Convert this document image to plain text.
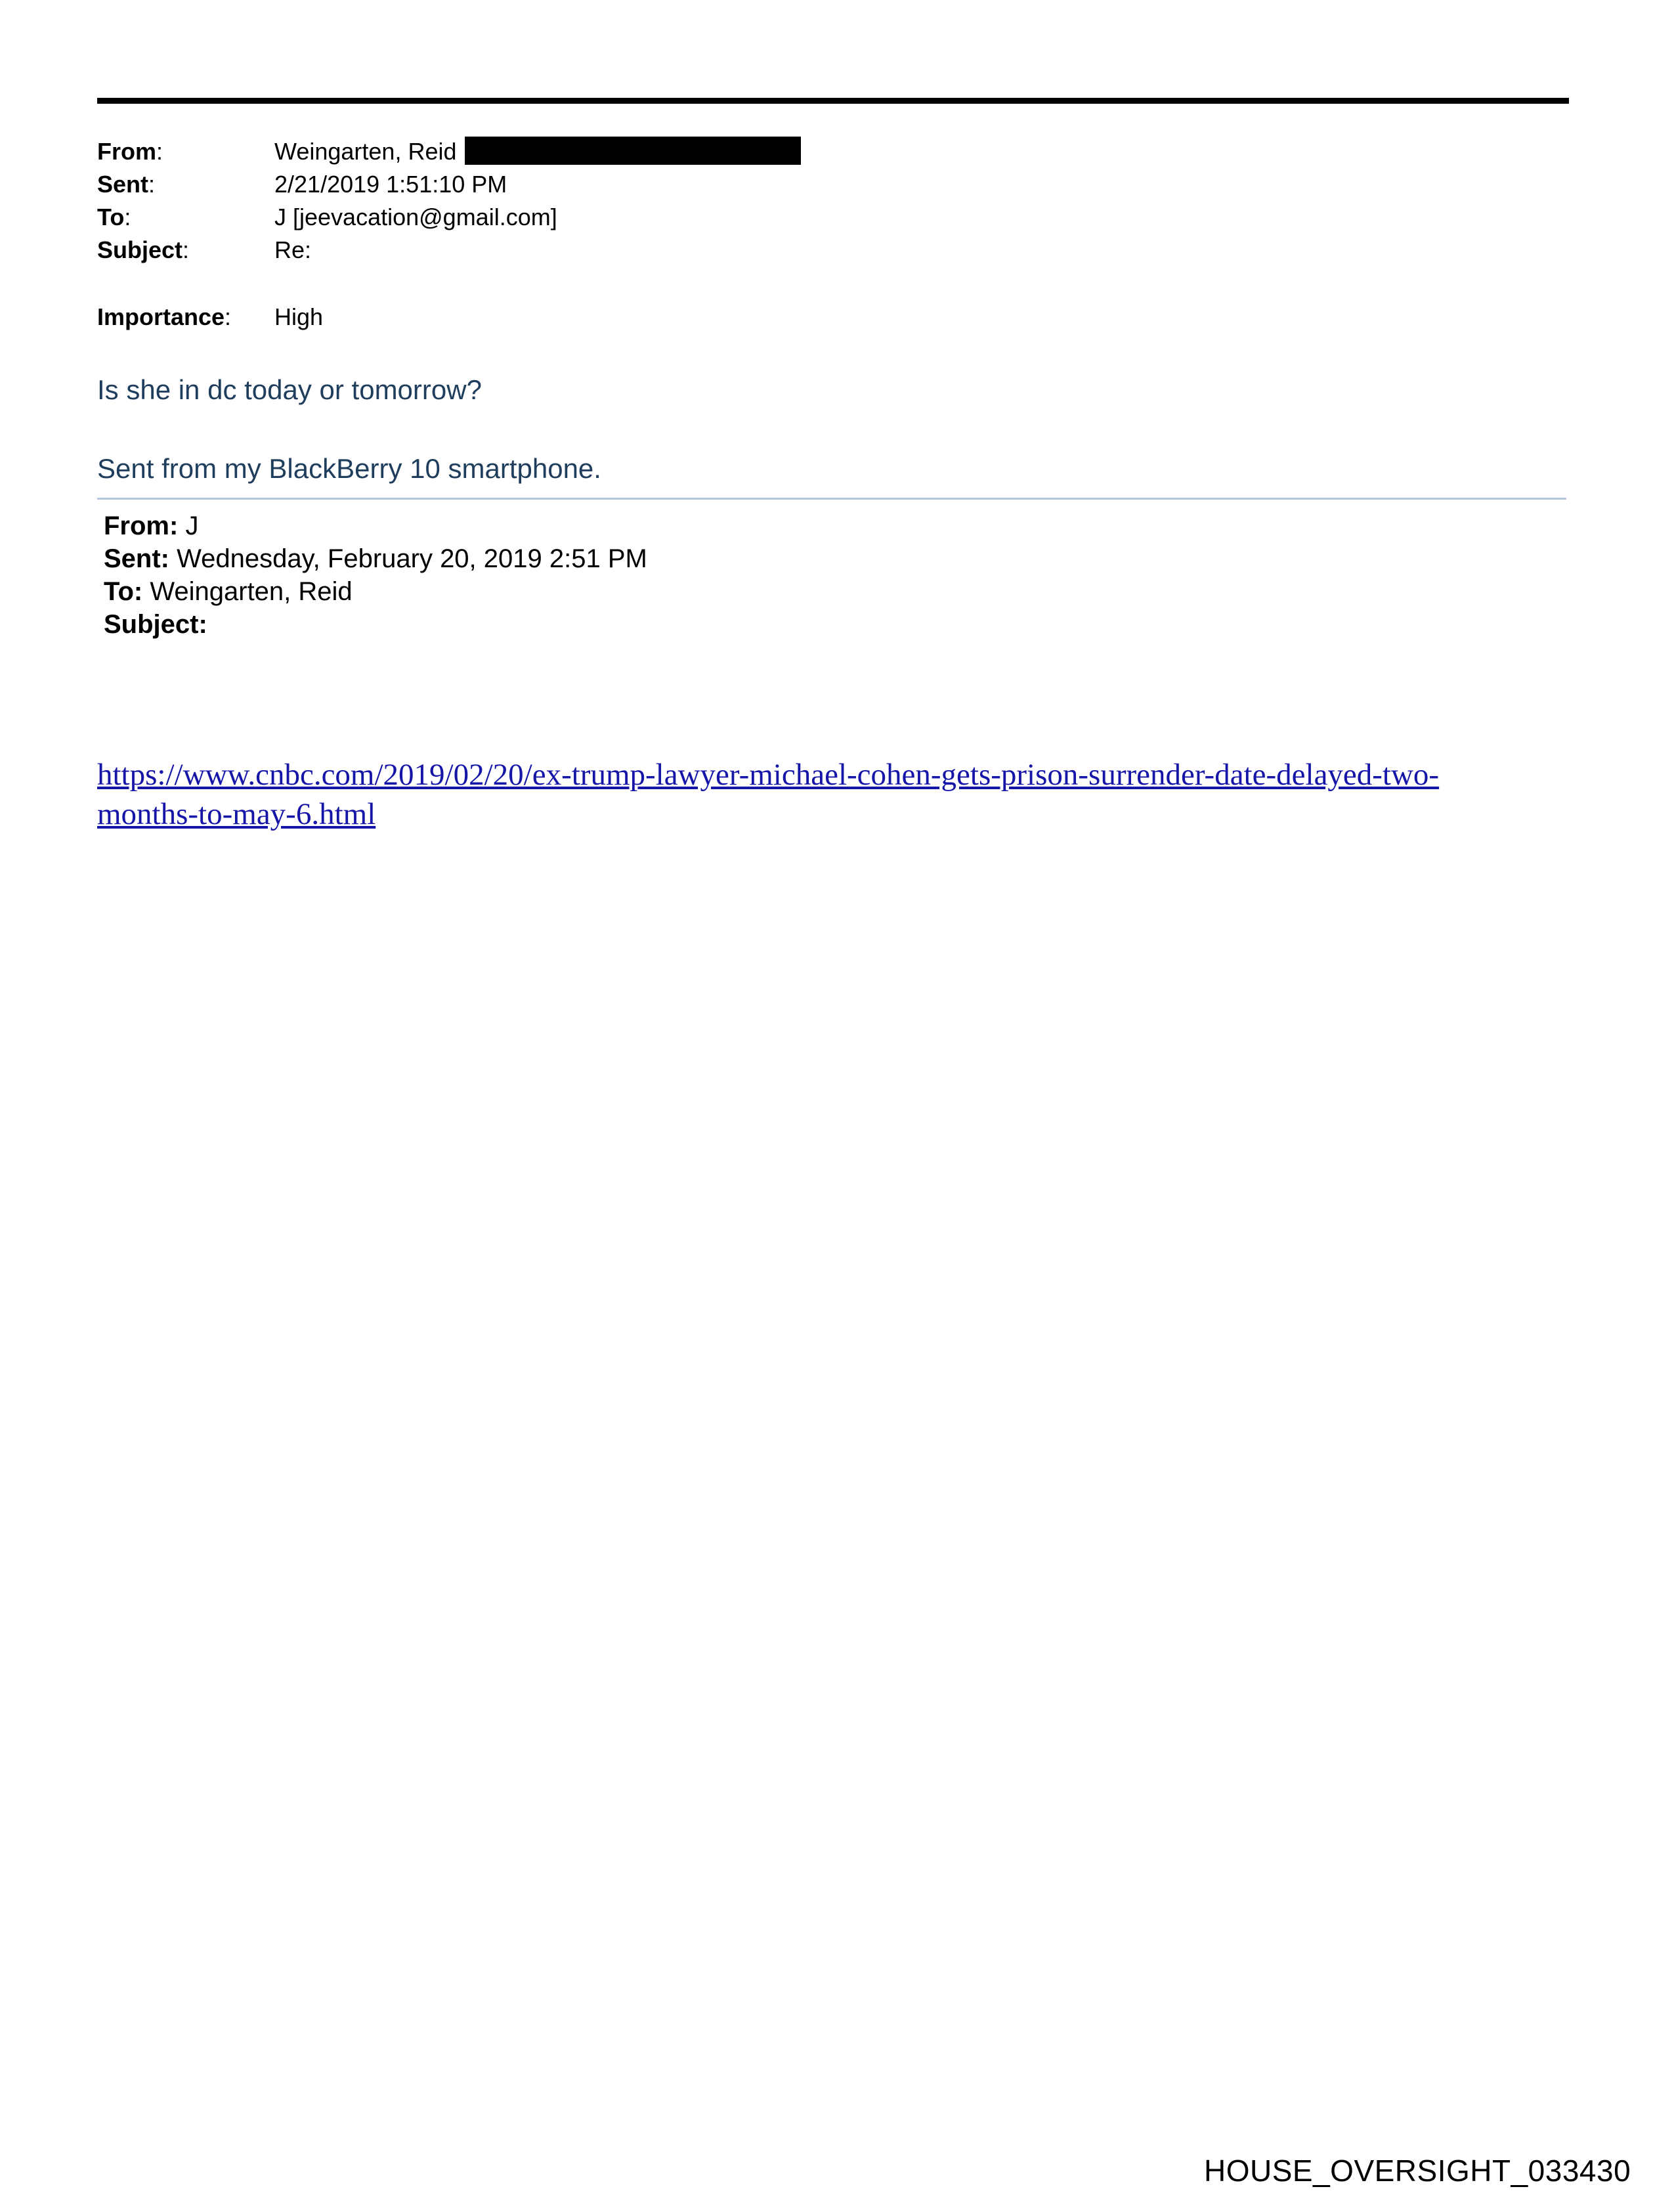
From:	Weingarten, Reid
Sent:	2/21/2019 1:51:10 PM
To:	J [jeevacation@gmail.com]
Subject:	Re:
Importance:	High
Is she in dc today or tomorrow?
Sent from my BlackBerry 10 smartphone.
From: J
Sent: Wednesday, February 20, 2019 2:51 PM
To: Weingarten, Reid
Subject:
https://www.cnbc.com/2019/02/20/ex-trump-lawyer-michael-cohen-gets-prison-surrender-date-delayed-two-
months-to-may-6.html
HOUSE_OVERSIGHT_033430
